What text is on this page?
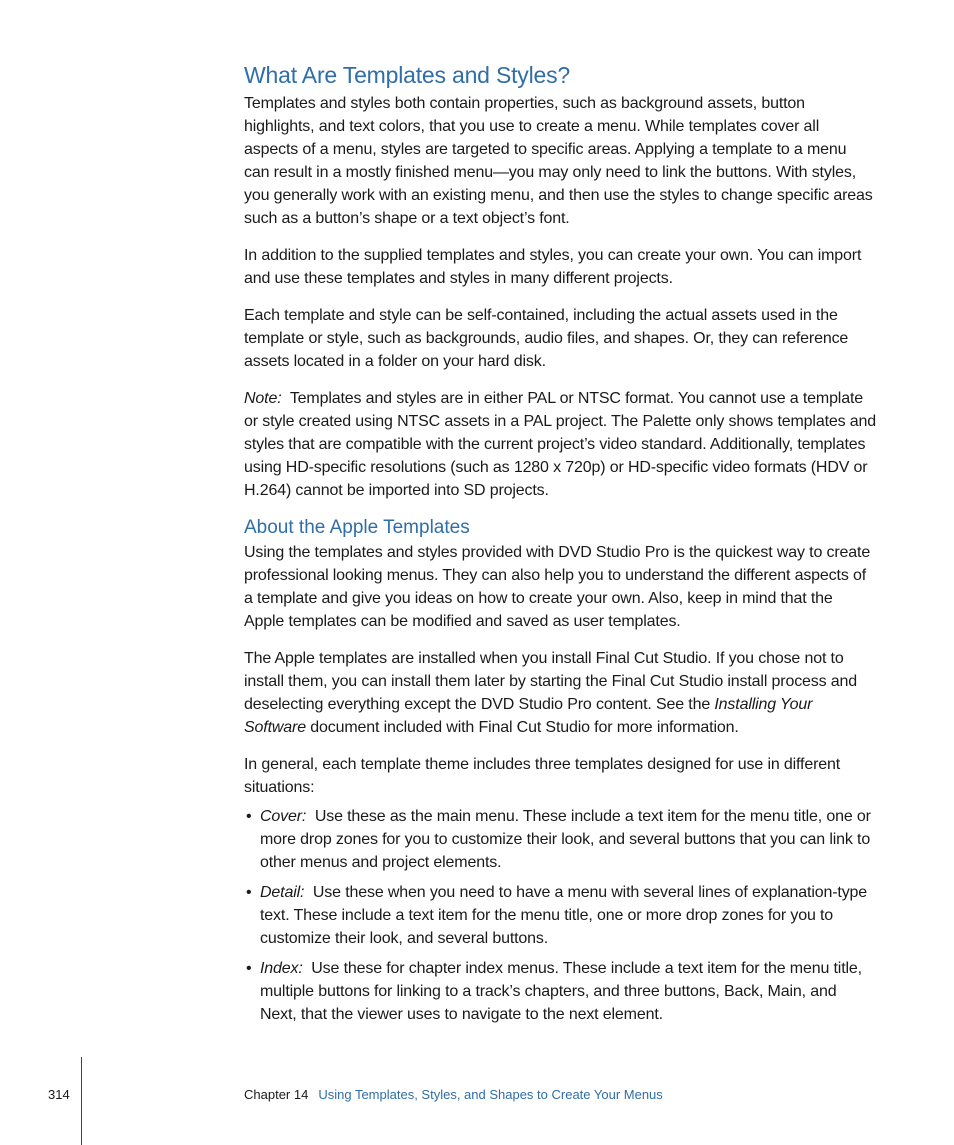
What Are Templates and Styles?

Templates and styles both contain properties, such as background assets, button highlights, and text colors, that you use to create a menu. While templates cover all aspects of a menu, styles are targeted to specific areas. Applying a template to a menu can result in a mostly finished menu—you may only need to link the buttons. With styles, you generally work with an existing menu, and then use the styles to change specific areas such as a button’s shape or a text object’s font.

In addition to the supplied templates and styles, you can create your own. You can import and use these templates and styles in many different projects.

Each template and style can be self-contained, including the actual assets used in the template or style, such as backgrounds, audio files, and shapes. Or, they can reference assets located in a folder on your hard disk.

Note: Templates and styles are in either PAL or NTSC format. You cannot use a template or style created using NTSC assets in a PAL project. The Palette only shows templates and styles that are compatible with the current project’s video standard. Additionally, templates using HD-specific resolutions (such as 1280 x 720p) or HD-specific video formats (HDV or H.264) cannot be imported into SD projects.

About the Apple Templates

Using the templates and styles provided with DVD Studio Pro is the quickest way to create professional looking menus. They can also help you to understand the different aspects of a template and give you ideas on how to create your own. Also, keep in mind that the Apple templates can be modified and saved as user templates.

The Apple templates are installed when you install Final Cut Studio. If you chose not to install them, you can install them later by starting the Final Cut Studio install process and deselecting everything except the DVD Studio Pro content. See the Installing Your Software document included with Final Cut Studio for more information.

In general, each template theme includes three templates designed for use in different situations:

• Cover: Use these as the main menu. These include a text item for the menu title, one or more drop zones for you to customize their look, and several buttons that you can link to other menus and project elements.
• Detail: Use these when you need to have a menu with several lines of explanation-type text. These include a text item for the menu title, one or more drop zones for you to customize their look, and several buttons.
• Index: Use these for chapter index menus. These include a text item for the menu title, multiple buttons for linking to a track’s chapters, and three buttons, Back, Main, and Next, that the viewer uses to navigate to the next element.
314	Chapter 14 Using Templates, Styles, and Shapes to Create Your Menus
